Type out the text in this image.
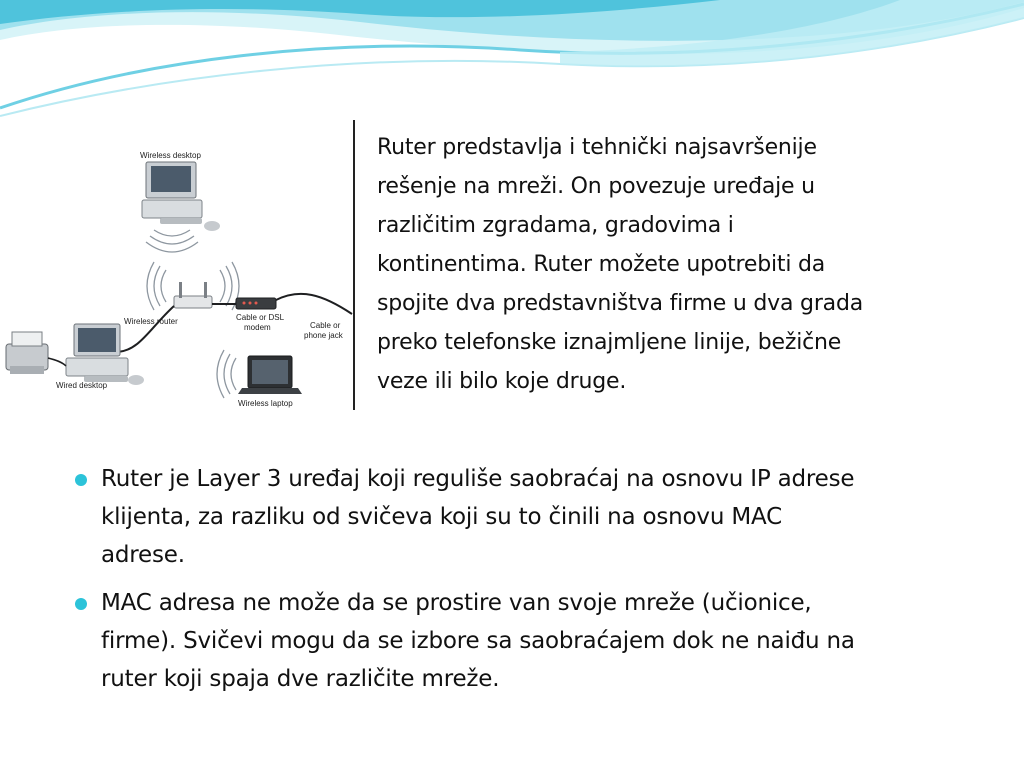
Wireless desktop
Wireless router	Cable or DSL
modem	Cable or
phone jack
Wired desktop
Wireless laptop
Ruter predstavlja i tehnički najsavršenije
rešenje na mreži. On povezuje uređaje u
različitim zgradama, gradovima i
kontinentima. Ruter možete upotrebiti da
spojite dva predstavništva firme u dva grada
preko telefonske iznajmljene linije, bežične
veze ili bilo koje druge.
Ruter je Layer 3 uređaj koji reguliše saobraćaj na osnovu IP adrese
klijenta, za razliku od svičeva koji su to činili na osnovu MAC
adrese.
MAC adresa ne može da se prostire van svoje mreže (učionice,
firme). Svičevi mogu da se izbore sa saobraćajem dok ne naiđu na
ruter koji spaja dve različite mreže.
